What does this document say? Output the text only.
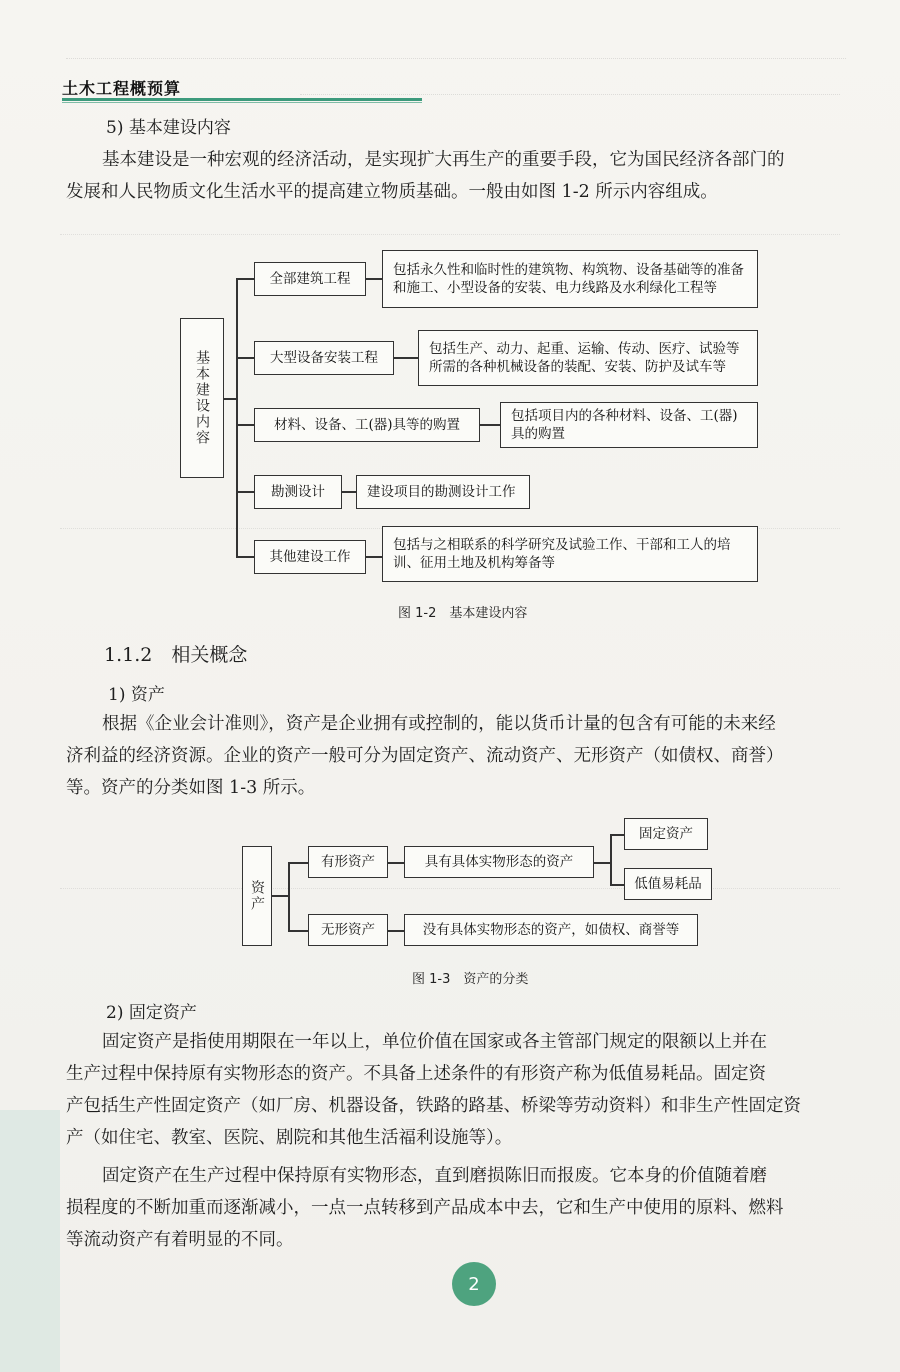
土木工程概预算
5) 基本建设内容
基本建设是一种宏观的经济活动，是实现扩大再生产的重要手段，它为国民经济各部门的
发展和人民物质文化生活水平的提高建立物质基础。一般由如图 1-2 所示内容组成。
基本建设内容
全部建筑工程
包括永久性和临时性的建筑物、构筑物、设备基础等的准备和施工、小型设备的安装、电力线路及水利绿化工程等
大型设备安装工程
包括生产、动力、起重、运输、传动、医疗、试验等所需的各种机械设备的装配、安装、防护及试车等
材料、设备、工(器)具等的购置
包括项目内的各种材料、设备、工(器)具的购置
勘测设计	建设项目的勘测设计工作
其他建设工作
包括与之相联系的科学研究及试验工作、干部和工人的培训、征用土地及机构筹备等
图 1-2　基本建设内容
1.1.2　相关概念
1) 资产
根据《企业会计准则》，资产是企业拥有或控制的，能以货币计量的包含有可能的未来经
济利益的经济资源。企业的资产一般可分为固定资产、流动资产、无形资产（如债权、商誉）
等。资产的分类如图 1-3 所示。
资产
有形资产	具有具体实物形态的资产
固定资产
低值易耗品
无形资产	没有具体实物形态的资产，如债权、商誉等
图 1-3　资产的分类
2) 固定资产
固定资产是指使用期限在一年以上，单位价值在国家或各主管部门规定的限额以上并在
生产过程中保持原有实物形态的资产。不具备上述条件的有形资产称为低值易耗品。固定资
产包括生产性固定资产（如厂房、机器设备，铁路的路基、桥梁等劳动资料）和非生产性固定资
产（如住宅、教室、医院、剧院和其他生活福利设施等）。
固定资产在生产过程中保持原有实物形态，直到磨损陈旧而报废。它本身的价值随着磨
损程度的不断加重而逐渐减小，一点一点转移到产品成本中去，它和生产中使用的原料、燃料
等流动资产有着明显的不同。
2
